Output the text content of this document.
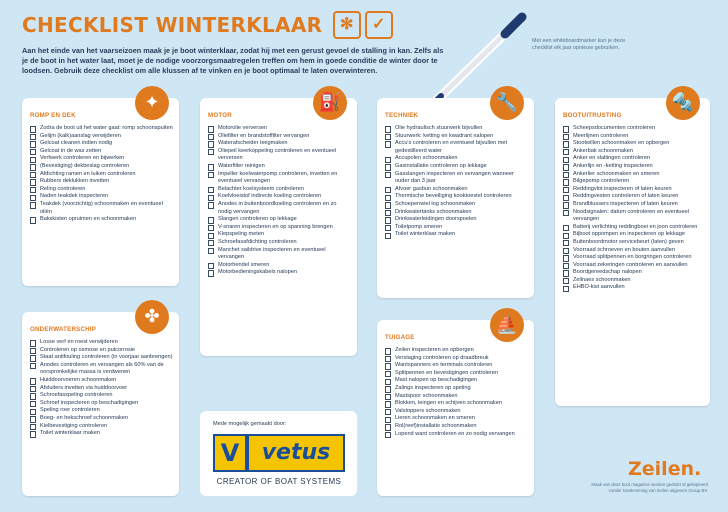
CHECKLIST WINTERKLAAR ✻ ✓
Aan het einde van het vaarseizoen maak je je boot winterklaar, zodat hij met een gerust gevoel de stalling in kan. Zelfs als je de boot in het water laat, moet je de nodige voorzorgsmaatregelen treffen om hem in goede conditie de winter door te loodsen. Gebruik deze checklist om alle klussen af te vinken en je boot optimaal te laten overwinteren.
Met een whiteboardmarker kun je deze checklist elk jaar opnieuw gebruiken.
✦
ROMP EN DEK
Zodra de boot uit het water gaat: romp schoonspuiten
Gelijm (kalk)aanslag verwijderen
Gelcoat cleanen indien nodig
Gelcoat in de was zetten
Verfwerk controleren en bijwerken
(Bevestiging) dekbeslag controleren
Afdichting ramen en luiken controleren
Rubbers deklukken invetten
Reling controleren
Naden teakdek inspecteren
Teakdek (voorzichtig) schoonmaken en eventueel oliën
Bakskisten opruimen en schoonmaken
✤
ONDERWATERSCHIP
Losse verf en roest verwijderen
Controleren op osmose en putcorrosie
Staat antifouling controleren (in voorjaar aanbrengen)
Anodes controleren en vervangen als 60% van de oorspronkelijke massa is verdwenen
Huiddoorvoeren schoonmaken
Afsluiters invetten via huiddoorvoer
Schroefasspeling controleren
Schroef inspecteren op beschadigingen
Speling roer controleren
Boeg- en hekschroef schoonmaken
Kielbevestiging controleren
Toilet winterklaar maken
⛽
MOTOR
Motorolie verversen
Oliefilter en brandstoffilter vervangen
Waterafscheider leegmaken
Oliepeil keerkoppeling controleren en eventueel verversen
Waterfilter reinigen
Impeller koelwaterpomp controleren, invetten en eventueel vervangen
Belachter koelsysteem controleren
Koelvloeistof indirecte koeling controleren
Anodes in buitenboordkoeling controleren en zo nodig vervangen
Slangen controleren op lekkage
V-snaren inspecteren en op spanning brengen
Klepspeling meten
Schroefasafdichting controleren
Manchet saildrive inspecteren en eventueel vervangen
Motorhendel smeren
Motorbedieningskabels nalopen
🔧
TECHNIEK
Olie hydraulisch stuurwerk bijvullen
Stuurwerk: ketting en kwadrant nalopen
Accu's controleren en eventueel bijvullen met gedestilleerd water
Accupolen schoonmaken
Gasinstallatie controleren op lekkage
Gasslangen inspecteren en vervangen wanneer ouder dan 3 jaar
Afvoer gasbun schoonmaken
Thermische beveiliging kooktoestel controleren
Schoepenwiel log schoonmaken
Drinkwatertanks schoonmaken
Drinkwaterleidingen doorspoelen
Toiletpomp smeren
Toilet winterklaar maken
⛵
TUIGAGE
Zeilen inspecteren en opbergen
Verstaging controleren op draadbreuk
Wantspanners en terminals controleren
Splitpennen en bevestigingen controleren
Mast nalopen op beschadigingen
Zalings inspecteren op speling
Mastspoor schoonmaken
Blokken, leingen en schijven schoonmaken
Valstoppers schoonmaken
Lieren schoonmaken en smeren
Rol(reef)installatie schoonmaken
Lopend want controleren en zo nodig vervangen
🔩
BOOTUITRUSTING
Scheepsdocumenten controleren
Meerlijnen controleren
Stootwillen schoonmaken en opbergen
Ankerbak schoonmaken
Anker en slaltingen controleren
Ankerlijn en -ketting inspecteren
Ankerlier schoonmaken en smeren
Bilgepomp controleren
Reddingvlot inspecteren of laten keuren
Reddingvesten controleren of laten keuren
Brandblussers inspecteren of laten keuren
Noodsignalen: datum controleren en eventueel vervangen
Batterij verlichting reddingboei en joon controleren
Bijboot oppompen en inspecteren op lekkage
Buitenboordmotor servicebeurt (laten) geven
Voorraad schroeven en bouten aanvullen
Voorraad splitpennen en borgringen controleren
Voorraad zekeringen controleren en aanvullen
Boordgereedschap nalopen
Zeilnaes schoonmaken
EHBO-kist aanvullen
Mede mogelijk gemaakt door:
V	vetus
CREATOR OF BOAT SYSTEMS
Zeilen.
Maak van deze boot magazine worden gedrukt of gekopieerd zonder toestemming van Zeilen uitgevers Group BV.
